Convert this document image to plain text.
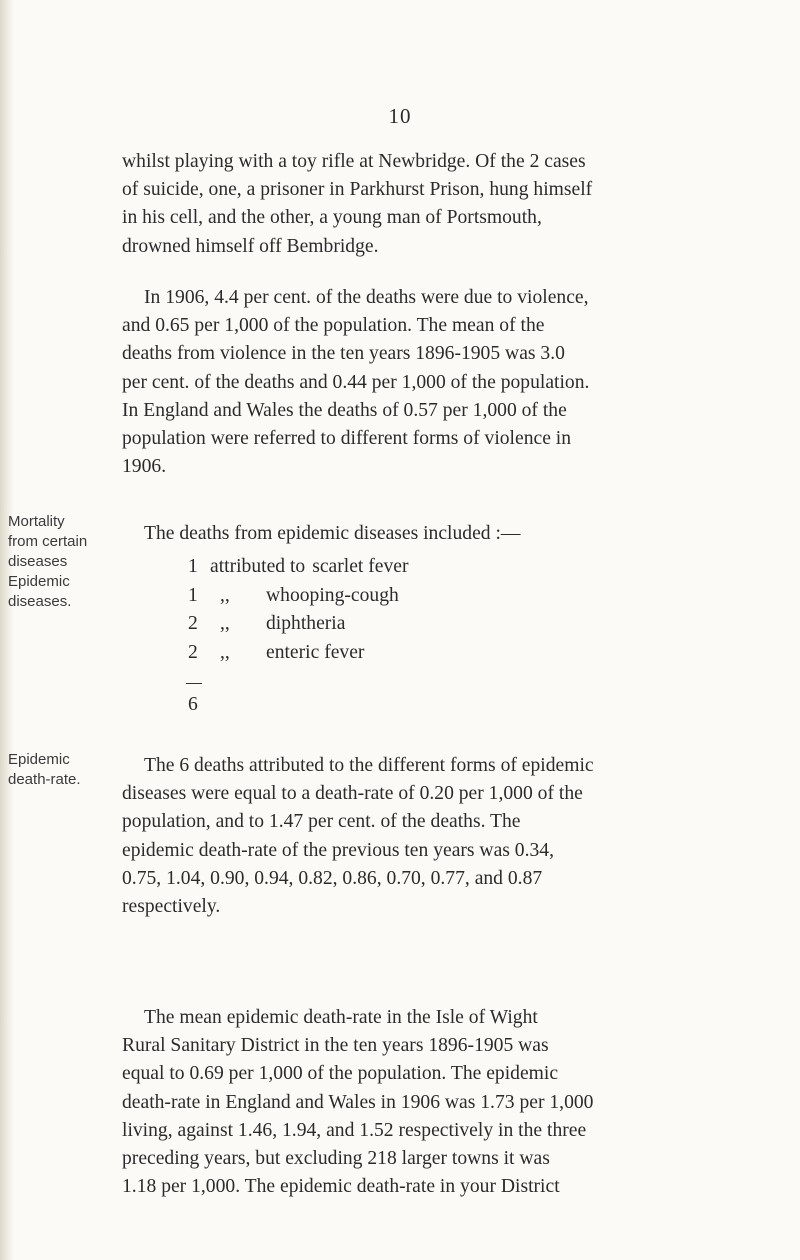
10

whilst playing with a toy rifle at Newbridge. Of the 2 cases
of suicide, one, a prisoner in Parkhurst Prison, hung himself
in his cell, and the other, a young man of Portsmouth,
drowned himself off Bembridge.

In 1906, 4.4 per cent. of the deaths were due to violence,
and 0.65 per 1,000 of the population. The mean of the
deaths from violence in the ten years 1896-1905 was 3.0
per cent. of the deaths and 0.44 per 1,000 of the population.
In England and Wales the deaths of 0.57 per 1,000 of the
population were referred to different forms of violence in
1906.

Mortality
from certain
diseases
Epidemic
diseases.

The deaths from epidemic diseases included :—

1 attributed to scarlet fever
1	,,	whooping-cough
2	,,	diphtheria
2	,,	enteric fever
6
Epidemic
death-rate.

The 6 deaths attributed to the different forms of epidemic
diseases were equal to a death-rate of 0.20 per 1,000 of the
population, and to 1.47 per cent. of the deaths. The
epidemic death-rate of the previous ten years was 0.34,
0.75, 1.04, 0.90, 0.94, 0.82, 0.86, 0.70, 0.77, and 0.87
respectively.

The mean epidemic death-rate in the Isle of Wight
Rural Sanitary District in the ten years 1896-1905 was
equal to 0.69 per 1,000 of the population. The epidemic
death-rate in England and Wales in 1906 was 1.73 per 1,000
living, against 1.46, 1.94, and 1.52 respectively in the three
preceding years, but excluding 218 larger towns it was
1.18 per 1,000. The epidemic death-rate in your District
